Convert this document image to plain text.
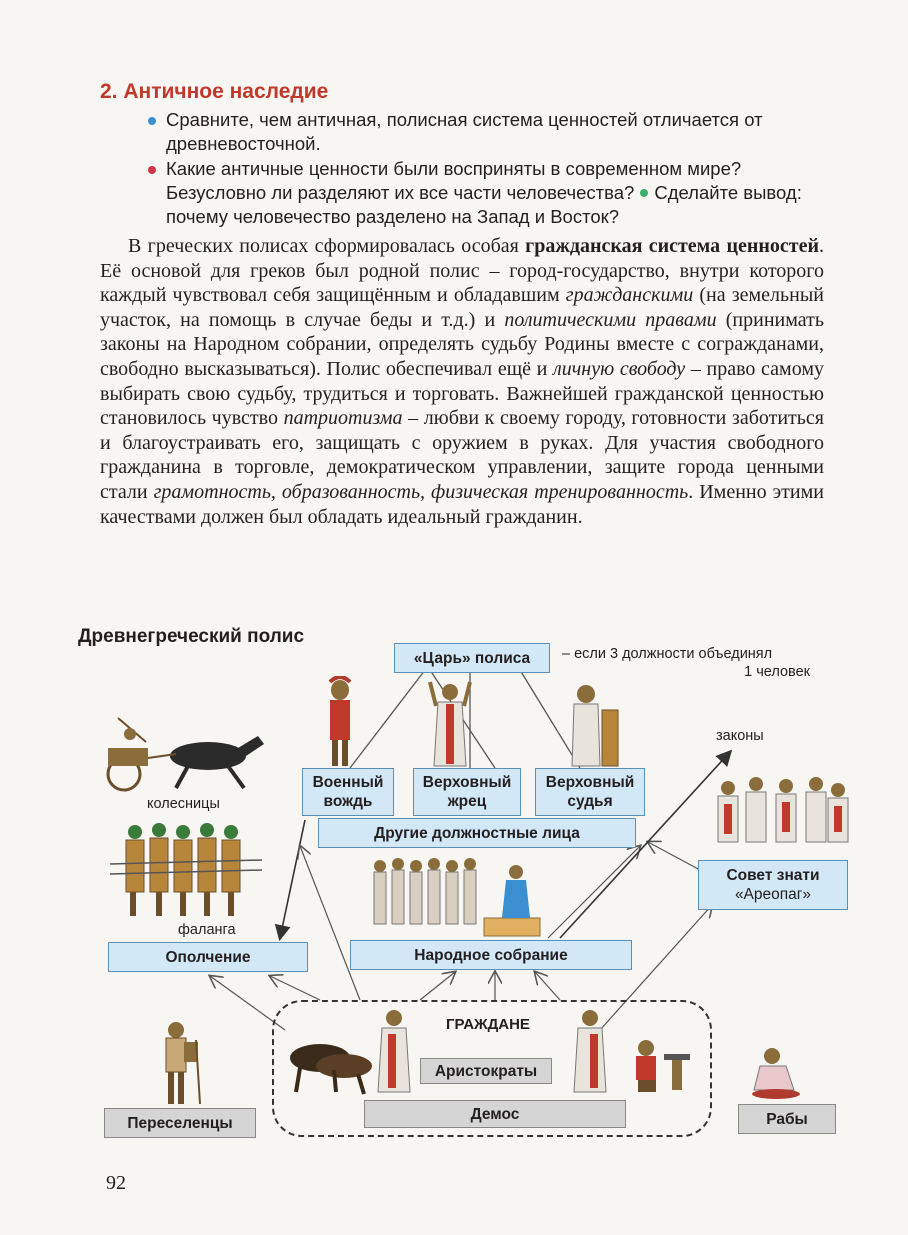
2. Античное наследие
Сравните, чем античная, полисная система ценностей отличается от древневосточной.
Какие античные ценности были восприняты в современном мире? Безусловно ли разделяют их все части человечества? Сделайте вывод: почему человечество разделено на Запад и Восток?

В греческих полисах сформировалась особая гражданская система ценностей. Её основой для греков был родной полис – город-государство, внутри которого каждый чувствовал себя защищённым и обладавшим гражданскими (на земельный участок, на помощь в случае беды и т.д.) и политическими правами (принимать законы на Народном собрании, определять судьбу Родины вместе с согражданами, свободно высказываться). Полис обеспечивал ещё и личную свободу – право самому выбирать свою судьбу, трудиться и торговать. Важнейшей гражданской ценностью становилось чувство патриотизма – любви к своему городу, готовности заботиться и благоустраивать его, защищать с оружием в руках. Для участия свободного гражданина в торговле, демократическом управлении, защите города ценными стали грамотность, образованность, физическая тренированность. Именно этими качествами должен был обладать идеальный гражданин.

Древнегреческий полис
«Царь» полиса – если 3 должности объединял
1 человек
Военный
вождь
Верховный
жрец
Верховный
судья
Другие должностные лица
Совет знати
«Ареопаг»
законы
колесницы
фаланга
Ополчение	Народное собрание
ГРАЖДАНЕ
Аристократы
Демос
Переселенцы	Рабы
92
